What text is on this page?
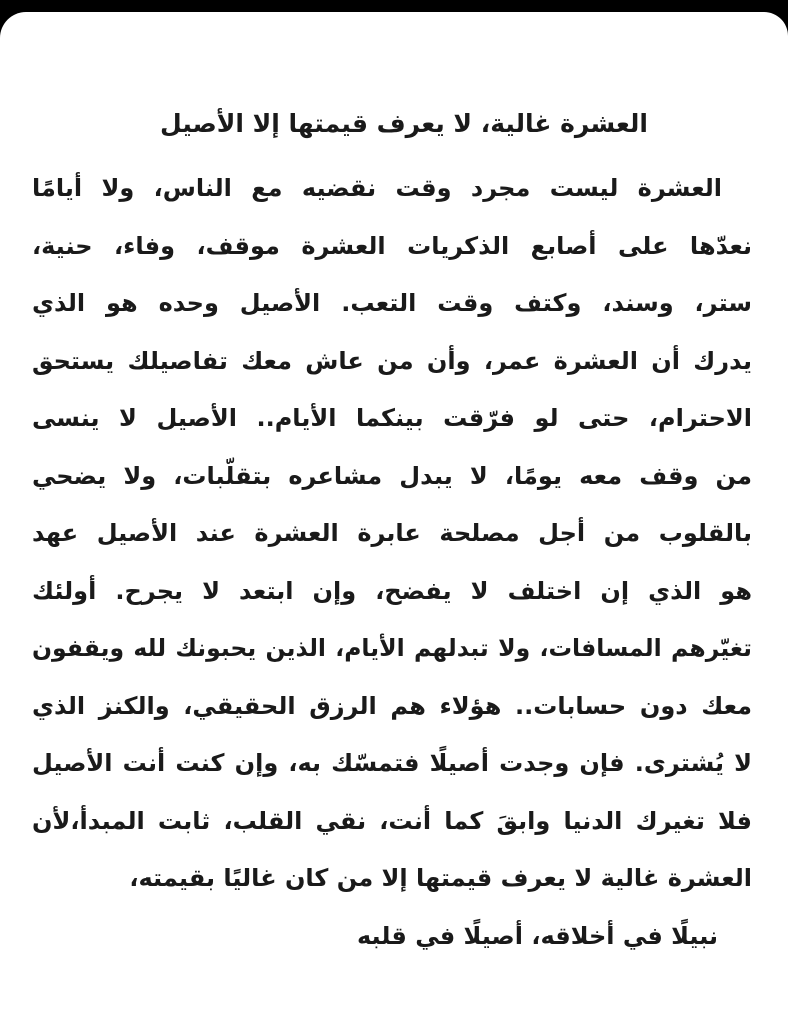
العشرة غالية، لا يعرف قيمتها إلا الأصيل

العشرة ليست مجرد وقت نقضيه مع الناس، ولا أيامًا

نعدّها على أصابع الذكريات العشرة موقف، وفاء، حنية،

ستر، وسند، وكتف وقت التعب. الأصيل وحده هو الذي

يدرك أن العشرة عمر، وأن من عاش معك تفاصيلك يستحق

الاحترام، حتى لو فرّقت بينكما الأيام.. الأصيل لا ينسى

من وقف معه يومًا، لا يبدل مشاعره بتقلّبات، ولا يضحي

بالقلوب من أجل مصلحة عابرة العشرة عند الأصيل عهد

هو الذي إن اختلف لا يفضح، وإن ابتعد لا يجرح. أولئك

تغيّرهم المسافات، ولا تبدلهم الأيام، الذين يحبونك لله ويقفون

معك دون حسابات.. هؤلاء هم الرزق الحقيقي، والكنز الذي

لا يُشترى. فإن وجدت أصيلًا فتمسّك به، وإن كنت أنت الأصيل

فلا تغيرك الدنيا وابقَ كما أنت، نقي القلب، ثابت المبدأ،لأن

العشرة غالية لا يعرف قيمتها إلا من كان غاليًا بقيمته،

نبيلًا في أخلاقه، أصيلًا في قلبه
